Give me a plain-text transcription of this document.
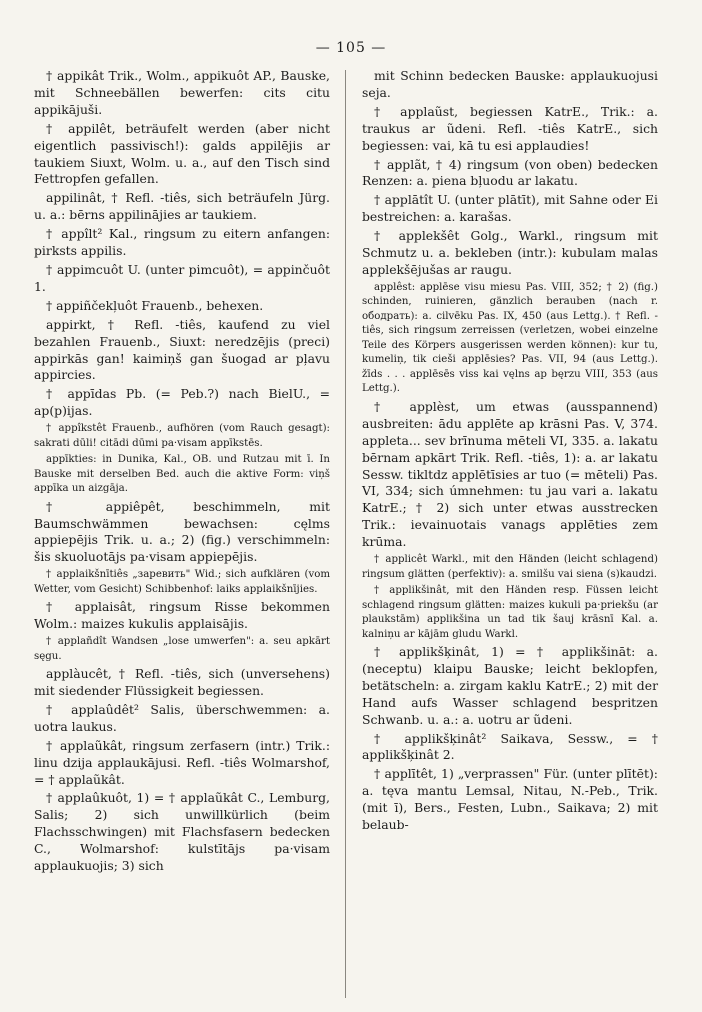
— 105 —

† appikât Trik., Wolm., appikuôt AP., Bauske, mit Schneebällen bewerfen: cits citu appikājuši.

† appilêt, beträufelt werden (aber nicht eigentlich passivisch!): galds appilējis ar taukiem Siuxt, Wolm. u. a., auf den Tisch sind Fettropfen gefallen.

appilinât, † Refl. -tiês, sich beträufeln Jürg. u. a.: bērns appilinājies ar taukiem.

† appîlt² Kal., ringsum zu eitern anfangen: pirksts appilis.

† appimcuôt U. (unter pimcuôt), = appinčuôt 1.

† appiñčekļuôt Frauenb., behexen.

appirkt, † Refl. -tiês, kaufend zu viel bezahlen Frauenb., Siuxt: neredzējis (preci) appirkās gan! kaimiņš gan šuogad ar pļavu appircies.

† appīdas Pb. (= Peb.?) nach BielU., = ap(p)ijas.

† appîkstêt Frauenb., aufhören (vom Rauch gesagt): sakrati dūli! citādi dūmi pa·visam appīkstēs.

appīkties: in Dunika, Kal., OB. und Rutzau mit ī. In Bauske mit derselben Bed. auch die aktive Form: viņš appīka un aizgāja.

† appiêpêt, beschimmeln, mit Baumschwämmen bewachsen: cęlms appiepējis Trik. u. a.; 2) (fig.) verschimmeln: šis skuoluotājs pa·visam appiepējis.

† applaikšnītiês „заревить" Wid.; sich aufklären (vom Wetter, vom Gesicht) Schibbenhof: laiks applaikšnījies.

† applaisât, ringsum Risse bekommen Wolm.: maizes kukulis applaisājis.

† applañdît Wandsen „lose umwerfen": a. seu apkārt sęgu.

applàucêt, † Refl. -tiês, sich (unversehens) mit siedender Flüssigkeit begiessen.

† applaûdêt² Salis, überschwemmen: a. uotra laukus.

† applaũkât, ringsum zerfasern (intr.) Trik.: linu dzija applaukājusi. Refl. -tiês Wolmarshof, = † applaũkât.

† applaûkuôt, 1) = † applaũkât C., Lemburg, Salis; 2) sich unwillkürlich (beim Flachsschwingen) mit Flachsfasern bedecken C., Wolmarshof: kulstītājs pa·visam applaukuojis; 3) sich

mit Schinn bedecken Bauske: applaukuojusi seja.

† applaũst, begiessen KatrE., Trik.: a. traukus ar ũdeni. Refl. -tiês KatrE., sich begiessen: vai, kā tu esi applaudies!

† applãt, † 4) ringsum (von oben) bedecken Renzen: a. piena bļuodu ar lakatu.

† applātît U. (unter plātīt), mit Sahne oder Ei bestreichen: a. karašas.

† applekšêt Golg., Warkl., ringsum mit Schmutz u. a. bekleben (intr.): kubulam malas applekšējušas ar raugu.

applêst: applēse visu miesu Pas. VIII, 352; † 2) (fig.) schinden, ruinieren, gänzlich berauben (nach r. ободрать): a. cilvēku Pas. IX, 450 (aus Lettg.). † Refl. -tiês, sich ringsum zerreissen (verletzen, wobei einzelne Teile des Körpers ausgerissen werden können): kur tu, kumeliņ, tik cieši applēsies? Pas. VII, 94 (aus Lettg.). žīds . . . applēsēs viss kai vęlns ap bęrzu VIII, 353 (aus Lettg.).

† applèst, um etwas (ausspannend) ausbreiten: ādu applēte ap krāsni Pas. V, 374. appleta... sev brīnuma mēteli VI, 335. a. lakatu bērnam apkārt Trik. Refl. -tiês, 1): a. ar lakatu Sessw. tikltdz applētīsies ar tuo (= mēteli) Pas. VI, 334; sich úmnehmen: tu jau vari a. lakatu KatrE.; † 2) sich unter etwas ausstrecken Trik.: ievainuotais vanags applēties zem krūma.

† applicêt Warkl., mit den Händen (leicht schlagend) ringsum glätten (perfektiv): a. smilšu vai siena (s)kaudzi.

† applikšinât, mit den Händen resp. Füssen leicht schlagend ringsum glätten: maizes kukuli pa·priekšu (ar plaukstām) applikšina un tad tik šauj krāsnī Kal. a. kalniņu ar kājām gludu Warkl.

† applikšķinât, 1) = † applikšināt: a. (neceptu) klaipu Bauske; leicht beklopfen, betätscheln: a. zirgam kaklu KatrE.; 2) mit der Hand aufs Wasser schlagend bespritzen Schwanb. u. a.: a. uotru ar ũdeni.

† applikšķinât² Saikava, Sessw., = † applikšķinât 2.

† applītêt, 1) „verprassen" Für. (unter plītēt): a. tęva mantu Lemsal, Nitau, N.-Peb., Trik. (mit ī), Bers., Festen, Lubn., Saikava; 2) mit belaub-
